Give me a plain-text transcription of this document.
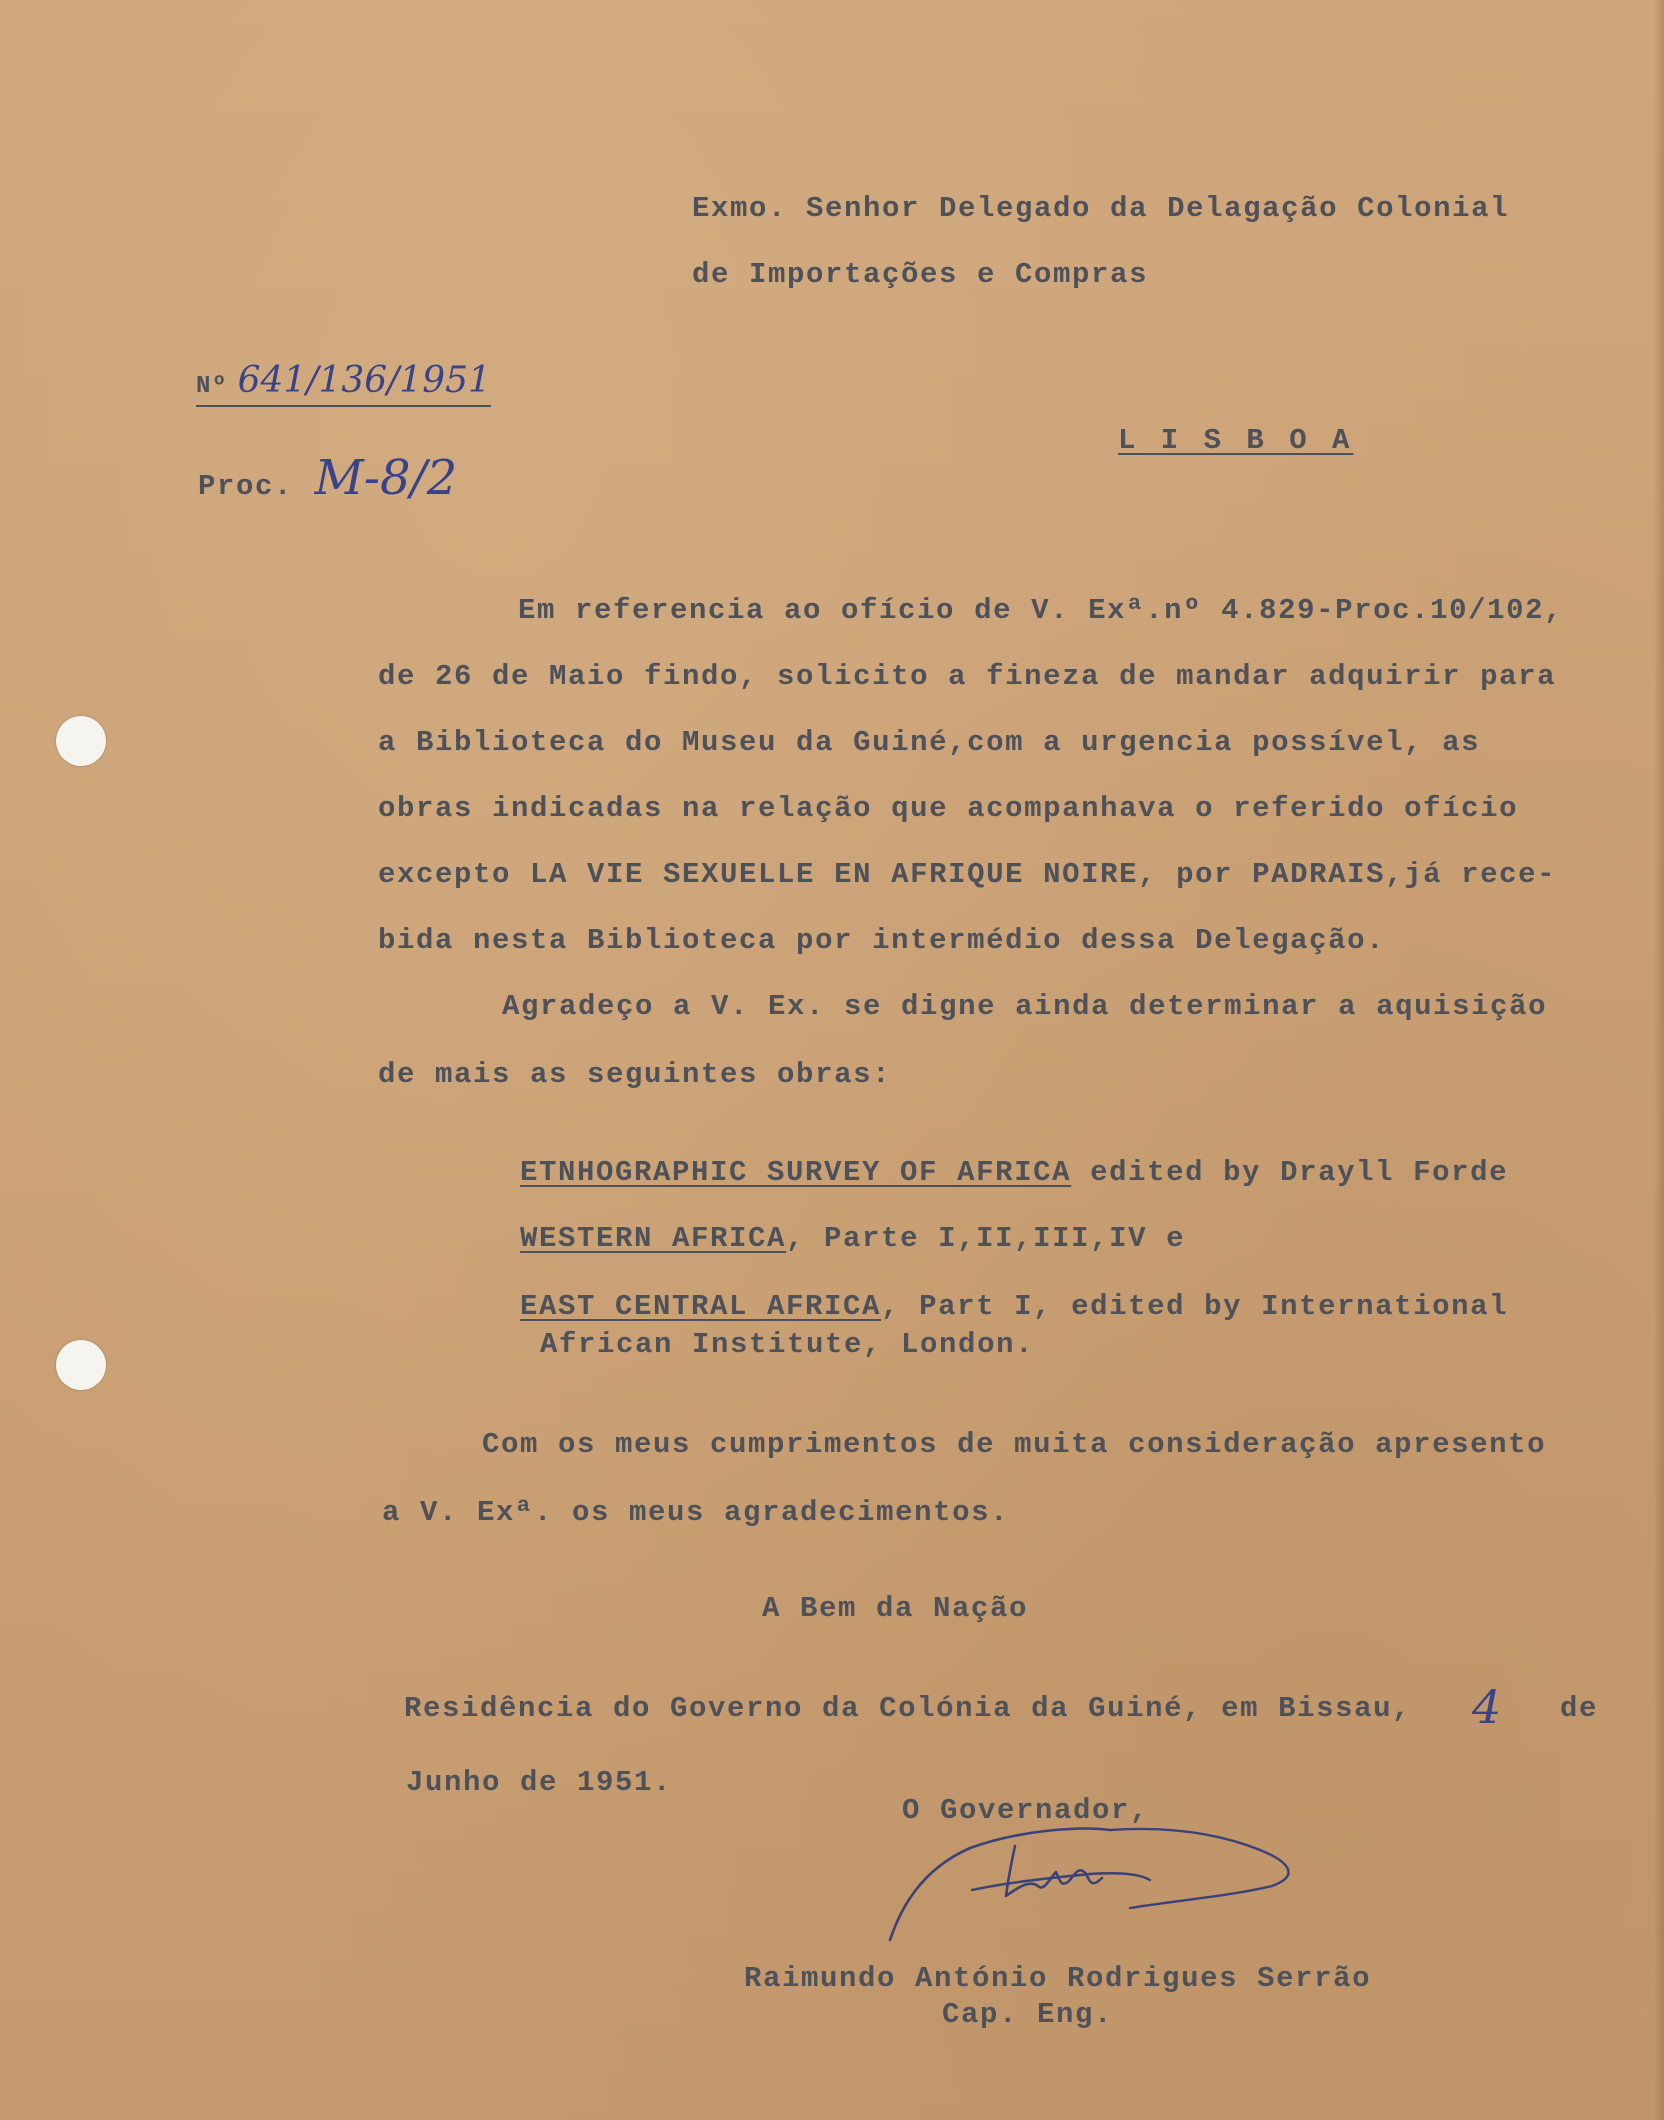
Exmo. Senhor Delegado da Delagação Colonial
de Importações e Compras
Nº 641/136/1951
Proc. M-8/2
L I S B O A
Em referencia ao ofício de V. Exª.nº 4.829-Proc.10/102,
de 26 de Maio findo, solicito a fineza de mandar adquirir para
a Biblioteca do Museu da Guiné,com a urgencia possível, as
obras indicadas na relação que acompanhava o referido ofício
excepto LA VIE SEXUELLE EN AFRIQUE NOIRE, por PADRAIS,já rece-
bida nesta Biblioteca por intermédio dessa Delegação.
Agradeço a V. Ex. se digne ainda determinar a aquisição
de mais as seguintes obras:
ETNHOGRAPHIC SURVEY OF AFRICA edited by Drayll Forde
WESTERN AFRICA, Parte I,II,III,IV e
EAST CENTRAL AFRICA, Part I, edited by International
African Institute, London.
Com os meus cumprimentos de muita consideração apresento
a V. Exª. os meus agradecimentos.
A Bem da Nação
Residência do Governo da Colónia da Guiné, em Bissau, 4 de
Junho de 1951.
O Governador,
Raimundo António Rodrigues Serrão
Cap. Eng.
